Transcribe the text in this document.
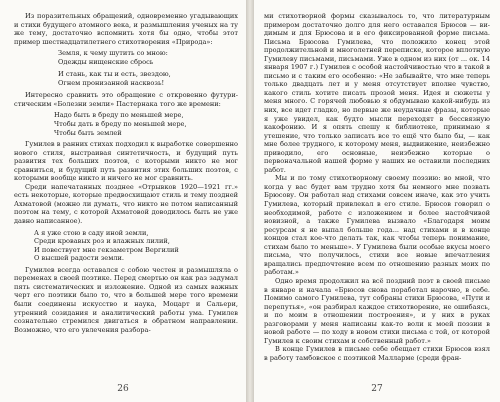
Из поразительных обращений, одновременно угадывающих и стихи будущего атомного века, и размышления ученых на ту же тему, достаточно вспомнить хотя бы одно, чтобы этот пример шестнадцатилетнего стихотворения «Природа»:

Земля, к чему шутить со мною:
Одежды нищенские сбрось
И стань, как ты и есть, звездою,
Огнем пронизанной насквозь!

Интересно сравнить это обращение с откровенно футуристическим «Болезни земли» Пастернака того же времени:

Надо быть в бреду по меньшей мере,
Чтобы дать в бреду по меньшей мере,
Чтобы быть землей

Гумилев в ранних стихах подходил к выработке совершенно нового стиля, выстраивая синтетичность, и будущий путь развития тех больших поэтов, с которыми никто не мог сравниться, и будущий путь развития этих больших поэтов, с которыми вообще никто и ничего не мог сравнить.

Среди напечатанных позднее «Отрывков 1920—1921 гг.» есть некоторые, которые предвосхищают стиль и тему поздней Ахматовой (можно ли думать, что никто не потом написанный поэтом на тему, с которой Ахматовой доводилось быть не уже давно написанное).

А я уже стою в саду иной земли,
Среди кровавых роз и влажных лилий,
И повествует мне гекзаметром Вергилий
О высшей радости земли.

Гумилев всегда оставался с собою честен и размышляла о переменах в своей поэтике. Перед смертью он как раз задумал пять систематических и изложение. Одной из самых важных черт его поэтики было то, что в большей мере того времени были соединены искусство и наука, Моцарт и Сальери, утренний созидания и аналитический работы ума. Гумилев сознательно стремился двигаться в обратном направлении. Возможно, что его увлечения разбора-

26

ми стихотворной формы сказывалось то, что литературным примером достаточно долго для него оставался Брюсов — видимым и для Брюсова и в его фиксированной форме письма. Письма Брюсова Гумилева, что положило конец этой продолжительной и многолетней переписке, которое вплотную Гумилеву письмами, письмами. Уже в одном из них (от ... ок. 14 января 1907 г.) Гумилев с особой настойчивостью что в такой в письмо и с таким его особенно: «Не забывайте, что мне теперь только двадцать лет и у меня отсутствует вполне чувство, какого стиль хотите писать прозой меня. Идея и сюжеты у меня много. С горячей любовью я обдумываю какой-нибудь из них, все идет гладко, но первые же неудачные фразы, которые я уже увидел, как будто мысли переходят в бессвязную какофонию. И я опять спешу к библиотеке, принимаю я утешение, что только записать все то ещё что было бы, — как мне более трудного, к которому меня, выдвижение, неизбежно приводило, его основные, неизбежно которые о первоначальной нашей форме у наших не оставили последних работ.

Мы и по тому стихотворному своему поэзию: во мной, что когда у вас будет вам трудно хотя бы немного мне позвать Брюсову. Он работал над стихами совсем иначе, как это учить Гумилева, который привлекал в его стиле. Брюсов говорил о необходимой, работе с изложением и более настойчивой новизной, а также Гумилева вызвало «Благодаря моим ресурсам я не выпал больше года... над стихами и в конце концов стал кое-что делать так, как чтобы теперь понимание, стихам было то меньше». У Гумилева были особые вкусы моего письма, что получилось, стихи все новые впечатления вращались предпочтение всем по отношению разных моих по работам.»

Одно время продолжил на всё поздний поэт в своей письме в январе и начала «Брюсов снова поработал нарочно, в себе. Помимо самого Гумилева, тут собраны стихи Брюсова, «Пути и перепутья», «он разбирал каждое стихотворение, не ошибаясь, и по моим в отношении построения», и у них в руках разговорами у меня написаны как-то воли к моей поэзии в новой работе — по ходу в новом стихи письма с той, от которой Гумилев к своим стихам и собственный работ.»

В конце Гумилев в письме себе обещает стихи Брюсов взял в работу тамбовское с поэтикой Малларме (среди фран-

27
